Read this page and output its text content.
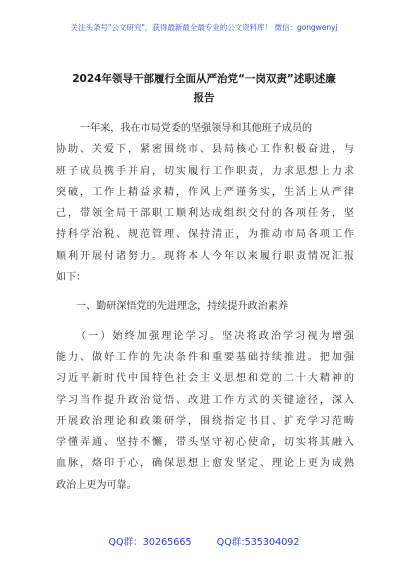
关注头条号"公文研究"，获得最新最全最专业的公文资料库！ 微信：gongwenyj
2024年领导干部履行全面从严治党“一岗双责”述职述廉
报告
一年来，我在市局党委的坚强领导和其他班子成员的
协助、关爱下，紧密围绕市、县局核心工作积极奋进，与
班子成员携手并肩，切实履行工作职责，力求思想上力求
突破，工作上精益求精，作风上严谨务实，生活上从严律
己，带领全局干部职工顺利达成组织交付的各项任务，坚
持科学治税、规范管理、保持清正，为推动市局各项工作
顺利开展付诸努力。现将本人今年以来履行职责情况汇报
如下：
一、勤研深悟党的先进理念，持续提升政治素养
（一）始终加强理论学习。坚决将政治学习视为增强
能力、做好工作的先决条件和重要基础持续推进。把加强
习近平新时代中国特色社会主义思想和党的二十大精神的
学习当作提升政治觉悟、改进工作方式的关键途径，深入
开展政治理论和政策研学，围绕指定书目、扩充学习范畴
学懂弄通、坚持不懈，带头坚守初心使命，切实将其融入
血脉，烙印于心，确保思想上愈发坚定、理论上更为成熟
政治上更为可靠。
QQ群：30265665	QQ群:535304092
